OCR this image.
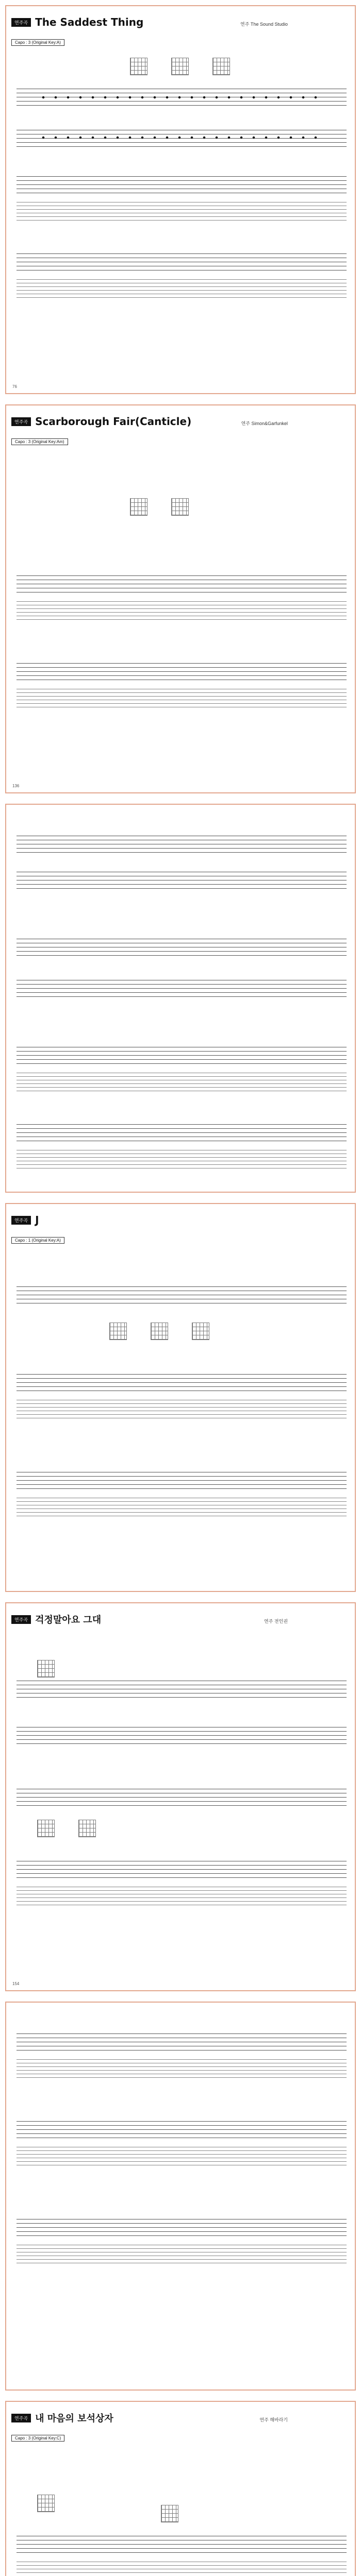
연주곡 The Saddest Thing	연주 The Sound Studio
Capo : 3 (Original Key:A)
76
연주곡 Scarborough Fair(Canticle)	연주 Simon&Garfunkel
Capo : 3 (Original Key:Am)
136
연주곡 J
Capo : 1 (Original Key:A)
연주곡 걱정말아요 그대	연주 전인권
154
연주곡 내 마음의 보석상자	연주 해바라기
Capo : 3 (Original Key:C)
